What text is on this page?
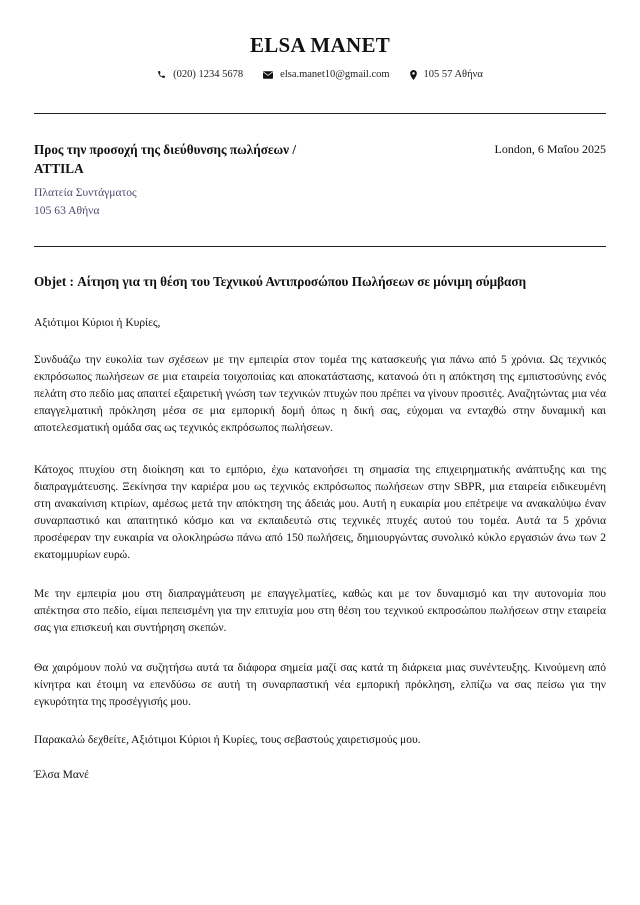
ELSA MANET
(020) 1234 5678	elsa.manet10@gmail.com	105 57 Αθήνα
Προς την προσοχή της διεύθυνσης πωλήσεων /
ATTILA
London, 6 Μαΐου 2025
Πλατεία Συντάγματος
105 63 Αθήνα
Objet : Αίτηση για τη θέση του Τεχνικού Αντιπροσώπου Πωλήσεων σε μόνιμη σύμβαση
Αξιότιμοι Κύριοι ή Κυρίες,

Συνδυάζω την ευκολία των σχέσεων με την εμπειρία στον τομέα της κατασκευής για πάνω από 5 χρόνια. Ως τεχνικός εκπρόσωπος πωλήσεων σε μια εταιρεία τοιχοποιίας και αποκατάστασης, κατανοώ ότι η απόκτηση της εμπιστοσύνης ενός πελάτη στο πεδίο μας απαιτεί εξαιρετική γνώση των τεχνικών πτυχών που πρέπει να γίνουν προσιτές. Αναζητώντας μια νέα επαγγελματική πρόκληση μέσα σε μια εμπορική δομή όπως η δική σας, εύχομαι να ενταχθώ στην δυναμική και αποτελεσματική ομάδα σας ως τεχνικός εκπρόσωπος πωλήσεων.

Κάτοχος πτυχίου στη διοίκηση και το εμπόριο, έχω κατανοήσει τη σημασία της επιχειρηματικής ανάπτυξης και της διαπραγμάτευσης. Ξεκίνησα την καριέρα μου ως τεχνικός εκπρόσωπος πωλήσεων στην SBPR, μια εταιρεία ειδικευμένη στη ανακαίνιση κτιρίων, αμέσως μετά την απόκτηση της άδειάς μου. Αυτή η ευκαιρία μου επέτρεψε να ανακαλύψω έναν συναρπαστικό και απαιτητικό κόσμο και να εκπαιδευτώ στις τεχνικές πτυχές αυτού του τομέα. Αυτά τα 5 χρόνια προσέφεραν την ευκαιρία να ολοκληρώσω πάνω από 150 πωλήσεις, δημιουργώντας συνολικό κύκλο εργασιών άνω των 2 εκατομμυρίων ευρώ.

Με την εμπειρία μου στη διαπραγμάτευση με επαγγελματίες, καθώς και με τον δυναμισμό και την αυτονομία που απέκτησα στο πεδίο, είμαι πεπεισμένη για την επιτυχία μου στη θέση του τεχνικού εκπροσώπου πωλήσεων στην εταιρεία σας για επισκευή και συντήρηση σκεπών.

Θα χαιρόμουν πολύ να συζητήσω αυτά τα διάφορα σημεία μαζί σας κατά τη διάρκεια μιας συνέντευξης. Κινούμενη από κίνητρα και έτοιμη να επενδύσω σε αυτή τη συναρπαστική νέα εμπορική πρόκληση, ελπίζω να σας πείσω για την εγκυρότητα της προσέγγισής μου.

Παρακαλώ δεχθείτε, Αξιότιμοι Κύριοι ή Κυρίες, τους σεβαστούς χαιρετισμούς μου.
Έλσα Μανέ
